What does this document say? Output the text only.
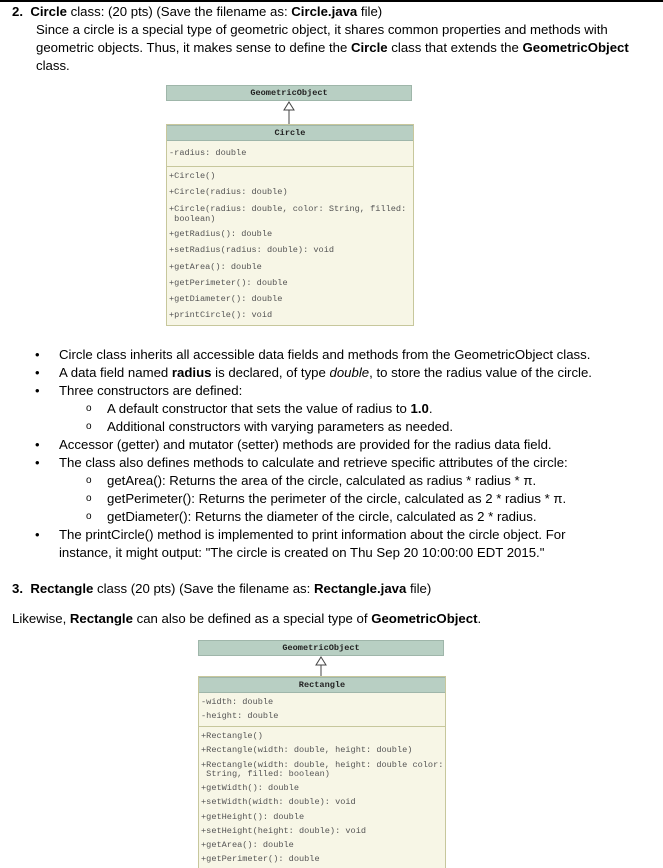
2. Circle class: (20 pts) (Save the filename as: Circle.java file)
Since a circle is a special type of geometric object, it shares common properties and methods with
geometric objects. Thus, it makes sense to define the Circle class that extends the GeometricObject
class.
GeometricObject
Circle
-radius: double
+Circle()
+Circle(radius: double)
+Circle(radius: double, color: String, filled:
boolean)
+getRadius(): double
+setRadius(radius: double): void
+getArea(): double
+getPerimeter(): double
+getDiameter(): double
+printCircle(): void
• Circle class inherits all accessible data fields and methods from the GeometricObject class.
• A data field named radius is declared, of type double, to store the radius value of the circle.
• Three constructors are defined:
o A default constructor that sets the value of radius to 1.0.
o Additional constructors with varying parameters as needed.
• Accessor (getter) and mutator (setter) methods are provided for the radius data field.
• The class also defines methods to calculate and retrieve specific attributes of the circle:
o getArea(): Returns the area of the circle, calculated as radius * radius * π.
o getPerimeter(): Returns the perimeter of the circle, calculated as 2 * radius * π.
o getDiameter(): Returns the diameter of the circle, calculated as 2 * radius.
• The printCircle() method is implemented to print information about the circle object. For
instance, it might output: "The circle is created on Thu Sep 20 10:00:00 EDT 2015."
3. Rectangle class (20 pts) (Save the filename as: Rectangle.java file)
Likewise, Rectangle can also be defined as a special type of GeometricObject.
GeometricObject
Rectangle
-width: double
-height: double
+Rectangle()
+Rectangle(width: double, height: double)
+Rectangle(width: double, height: double color:
String, filled: boolean)
+getWidth(): double
+setWidth(width: double): void
+getHeight(): double
+setHeight(height: double): void
+getArea(): double
+getPerimeter(): double
